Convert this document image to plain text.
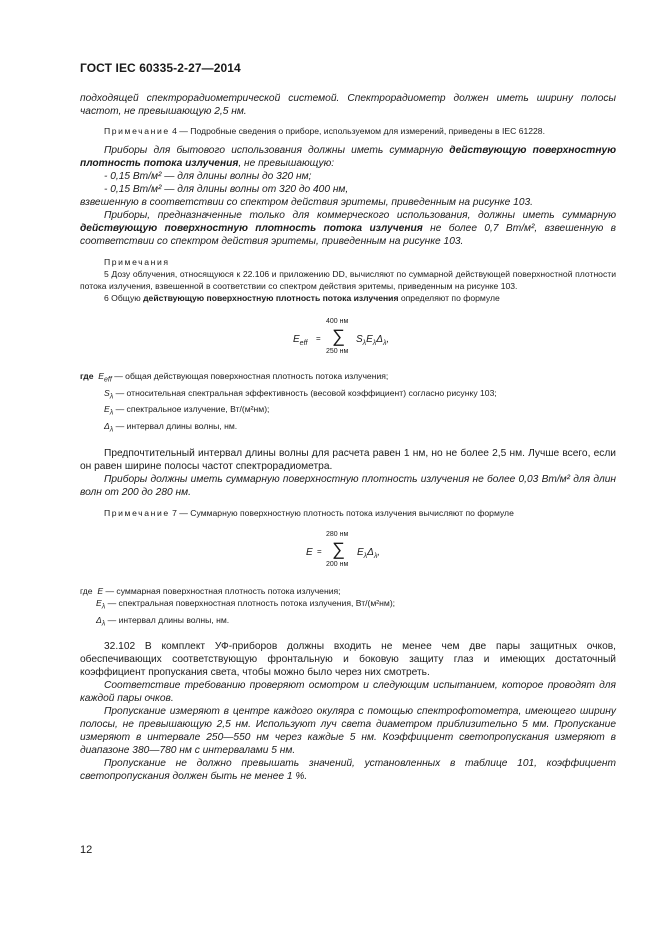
ГОСТ IEC 60335-2-27—2014

подходящей спектрорадиометрической системой. Спектрорадиометр должен иметь ширину полосы частот, не превышающую 2,5 нм.

Примечание 4 — Подробные сведения о приборе, используемом для измерений, приведены в IEC 61228.

Приборы для бытового использования должны иметь суммарную действующую поверхностную плотность потока излучения, не превышающую:

- 0,15 Вт/м² — для длины волны до 320 нм;

- 0,15 Вт/м² — для длины волны от 320 до 400 нм,

взвешенную в соответствии со спектром действия эритемы, приведенным на рисунке 103.

Приборы, предназначенные только для коммерческого использования, должны иметь суммарную действующую поверхностную плотность потока излучения не более 0,7 Вт/м², взвешенную в соответствии со спектром действия эритемы, приведенным на рисунке 103.

Примечания

5 Дозу облучения, относящуюся к 22.106 и приложению DD, вычисляют по суммарной действующей поверхностной плотности потока излучения, взвешенной в соответствии со спектром действия эритемы, приведенным на рисунке 103.

6 Общую действующую поверхностную плотность потока излучения определяют по формуле

$E_{eff}$
=
400 нм
∑
250 нм
$S_\lambda E_\lambda\Delta_\lambda$,

где $E_{eff}$ — общая действующая поверхностная плотность потока излучения;

$S_\lambda$ — относительная спектральная эффективность (весовой коэффициент) согласно рисунку 103;

$E_\lambda$ — спектральное излучение, Вт/(м²нм);

$\Delta_\lambda$ — интервал длины волны, нм.

Предпочтительный интервал длины волны для расчета равен 1 нм, но не более 2,5 нм. Лучше всего, если он равен ширине полосы частот спектрорадиометра.

Приборы должны иметь суммарную поверхностную плотность излучения не более 0,03 Вт/м² для длин волн от 200 до 280 нм.

Примечание 7 — Суммарную поверхностную плотность потока излучения вычисляют по формуле

E =
280 нм
∑
200 нм
$E_\lambda\Delta_\lambda$,

где E — суммарная поверхностная плотность потока излучения;

$E_\lambda$ — спектральная поверхностная плотность потока излучения, Вт/(м²нм);

$\Delta_\lambda$ — интервал длины волны, нм.

32.102 В комплект УФ-приборов должны входить не менее чем две пары защитных очков, обеспечивающих соответствующую фронтальную и боковую защиту глаз и имеющих достаточный коэффициент пропускания света, чтобы можно было через них смотреть.

Соответствие требованию проверяют осмотром и следующим испытанием, которое проводят для каждой пары очков.

Пропускание измеряют в центре каждого окуляра с помощью спектрофотометра, имеющего ширину полосы, не превышающую 2,5 нм. Используют луч света диаметром приблизительно 5 мм. Пропускание измеряют в интервале 250—550 нм через каждые 5 нм. Коэффициент светопропускания измеряют в диапазоне 380—780 нм с интервалами 5 нм.

Пропускание не должно превышать значений, установленных в таблице 101, коэффициент светопропускания должен быть не менее 1 %.

12
